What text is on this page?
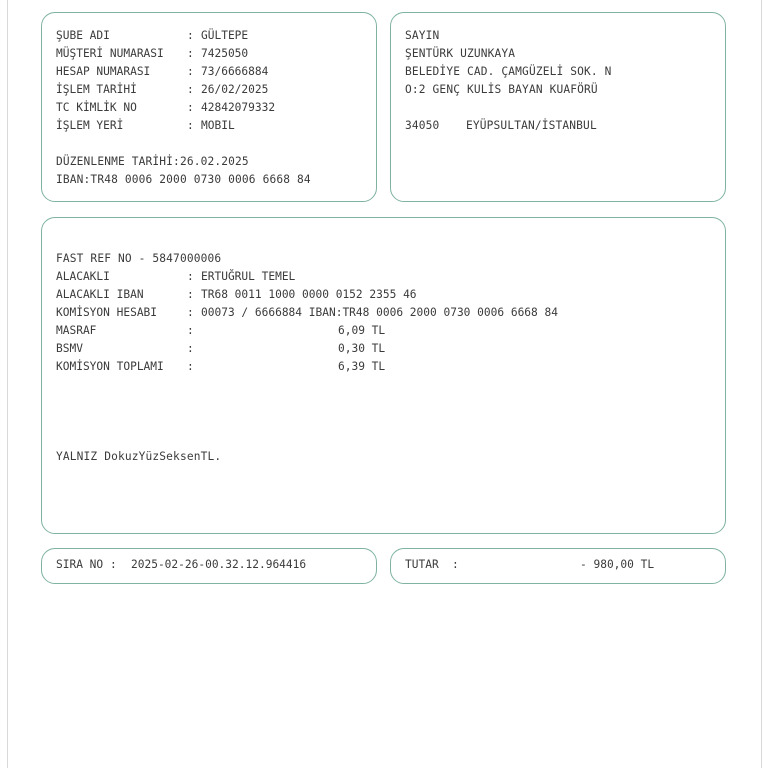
ŞUBE ADI	: GÜLTEPE
MÜŞTERİ NUMARASI : 7425050
HESAP NUMARASI	: 73/6666884
İŞLEM TARİHİ	: 26/02/2025
TC KİMLİK NO	: 42842079332
İŞLEM YERİ	: MOBIL
DÜZENLENME TARİHİ:26.02.2025
IBAN:TR48 0006 2000 0730 0006 6668 84
SAYIN
ŞENTÜRK UZUNKAYA
BELEDİYE CAD. ÇAMGÜZELİ SOK. N
O:2 GENÇ KULİS BAYAN KUAFÖRÜ
34050 EYÜPSULTAN/İSTANBUL
FAST REF NO - 5847000006
ALACAKLI	: ERTUĞRUL TEMEL
ALACAKLI IBAN	: TR68 0011 1000 0000 0152 2355 46
KOMİSYON HESABI	: 00073 / 6666884 IBAN:TR48 0006 2000 0730 0006 6668 84
MASRAF	:	6,09 TL
BSMV	:	0,30 TL
KOMİSYON TOPLAMI :	6,39 TL
YALNIZ DokuzYüzSeksenTL.
SIRA NO : 2025-02-26-00.32.12.964416	TUTAR :	- 980,00 TL
